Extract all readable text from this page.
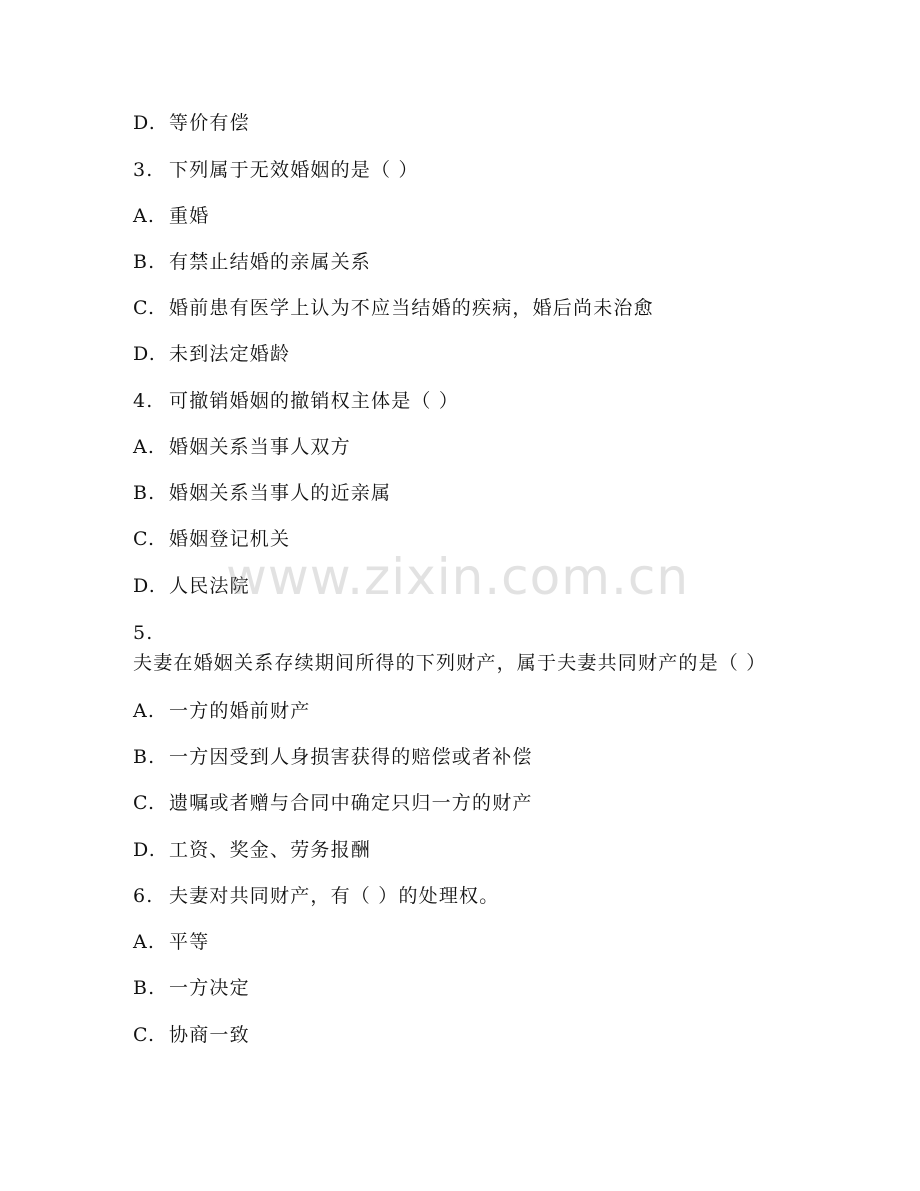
D. 等价有偿
3. 下列属于无效婚姻的是（ ）
A. 重婚
B. 有禁止结婚的亲属关系
C. 婚前患有医学上认为不应当结婚的疾病，婚后尚未治愈
D. 未到法定婚龄
4. 可撤销婚姻的撤销权主体是（ ）
A. 婚姻关系当事人双方
B. 婚姻关系当事人的近亲属
C. 婚姻登记机关
D. 人民法院
5.夫妻在婚姻关系存续期间所得的下列财产，属于夫妻共同财产的是（ ）
A. 一方的婚前财产
B. 一方因受到人身损害获得的赔偿或者补偿
C. 遗嘱或者赠与合同中确定只归一方的财产
D. 工资、奖金、劳务报酬
6. 夫妻对共同财产，有（ ）的处理权。
A. 平等
B. 一方决定
C. 协商一致
www.zixin.com.cn
